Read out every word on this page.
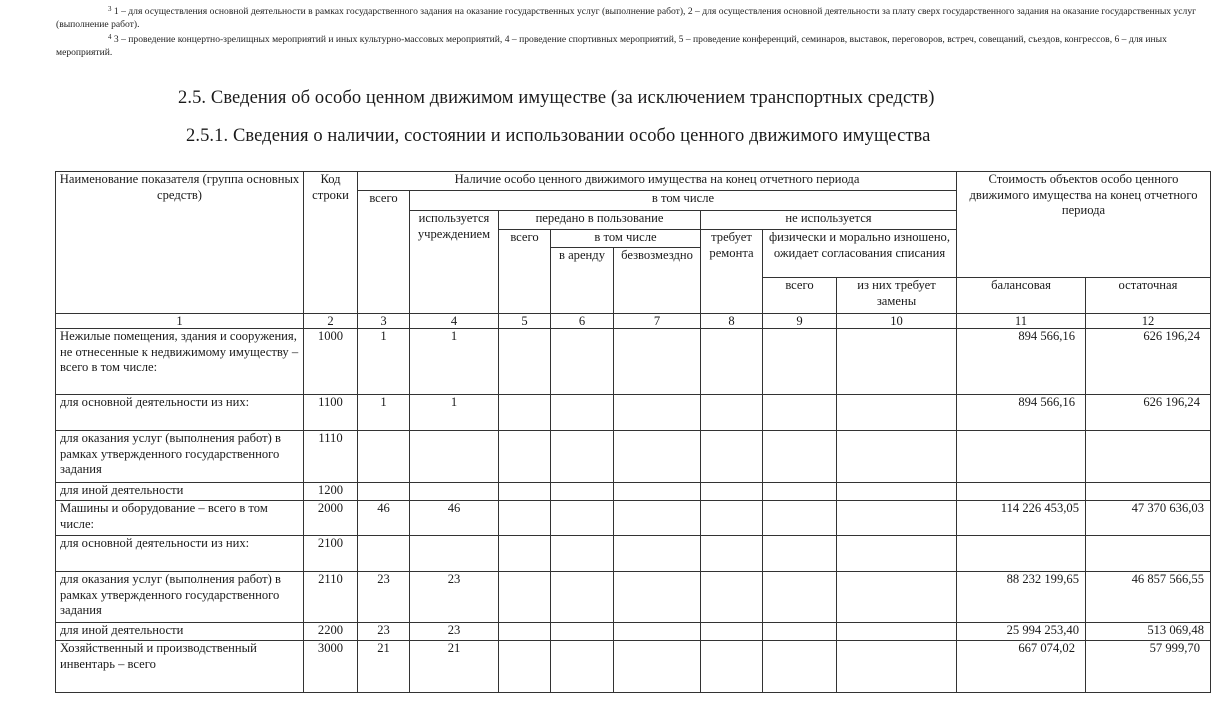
$^3$ 1 – для осуществления основной деятельности в рамках государственного задания на оказание государственных услуг (выполнение работ), 2 – для осуществления основной деятельности за плату сверх государственного задания на оказание государственных услуг (выполнение работ).

$^4$ 3 – проведение концертно-зрелищных мероприятий и иных культурно-массовых мероприятий, 4 – проведение спортивных мероприятий, 5 – проведение конференций, семинаров, выставок, переговоров, встреч, совещаний, съездов, конгрессов, 6 – для иных мероприятий.

2.5. Сведения об особо ценном движимом имуществе (за исключением транспортных средств)
2.5.1. Сведения о наличии, состоянии и использовании особо ценного движимого имущества
Наименование показателя (группа основных средств)	Код строки	Наличие особо ценного движимого имущества на конец отчетного периода								Стоимость объектов особо ценного движимого имущества на конец отчетного периода	
		всего	в том числе								
			используется учреждением	передано в пользование			не используется				
				всего	в том числе		требует ремонта	физически и морально изношено, ожидает согласования списания			
					в аренду	безвозмездно					
								всего	из них требует замены	балансовая	остаточная
1	2	3	4	5	6	7	8	9	10	11	12
Нежилые помещения, здания и сооружения, не отнесенные к недвижимому имуществу – всего в том числе:	1000	1	1							894 566,16	626 196,24
для основной деятельности из них:	1100	1	1							894 566,16	626 196,24
для оказания услуг (выполнения работ) в рамках утвержденного государственного задания	1110										
для иной деятельности	1200										
Машины и оборудование – всего в том числе:	2000	46	46							114 226 453,05	47 370 636,03
для основной деятельности из них:	2100										
для оказания услуг (выполнения работ) в рамках утвержденного государственного задания	2110	23	23							88 232 199,65	46 857 566,55
для иной деятельности	2200	23	23							25 994 253,40	513 069,48
Хозяйственный и производственный инвентарь – всего	3000	21	21							667 074,02	57 999,70
